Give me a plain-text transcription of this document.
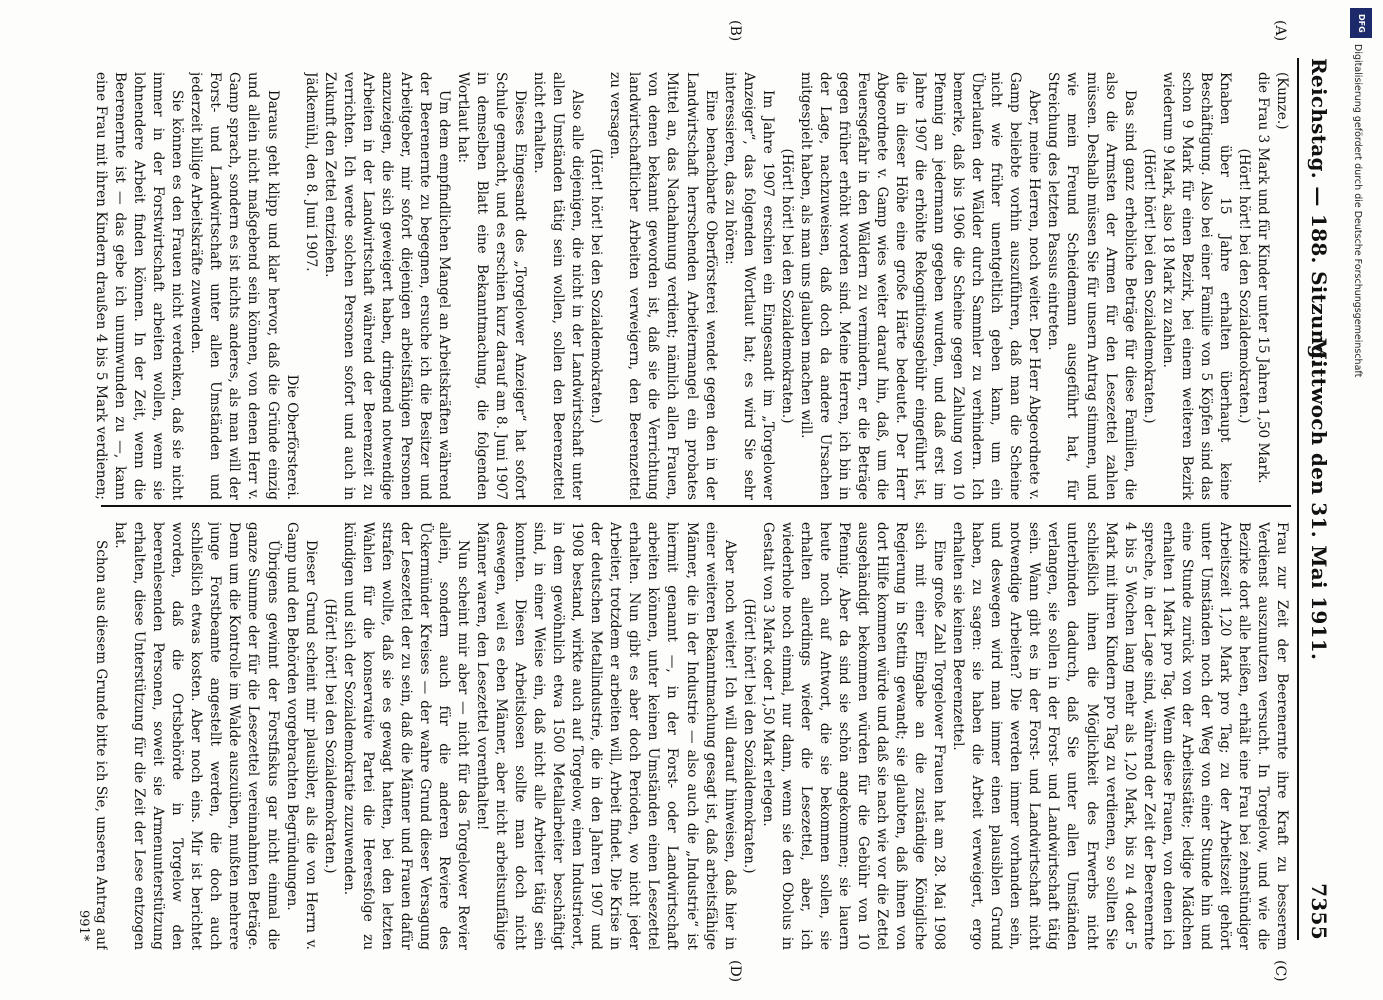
Reichstag. — 188. Sitzung.
Mittwoch den 31. Mai 1911.
7355
(A)
(B)
(C)
(D)

(Kunze.)

die Frau 3 Mark und für Kinder unter 15 Jahren 1,50 Mark.

(Hört! hört! bei den Sozialdemokraten.)

Knaben über 15 Jahre erhalten überhaupt keine Beschäftigung. Also bei einer Familie von 5 Köpfen sind das schon 9 Mark für einen Bezirk, bei einem weiteren Bezirk wiederum 9 Mark, also 18 Mark zu zahlen.

(Hört! hört! bei den Sozialdemokraten.)

Das sind ganz erhebliche Beträge für diese Familien, die also die Armsten der Armen für den Lesezettel zahlen müssen. Deshalb müssen Sie für unsern Antrag stimmen, und wie mein Freund Scheidemann ausgeführt hat, für Streichung des letzten Passus eintreten.

Aber, meine Herren, noch weiter. Der Herr Abgeordnete v. Gamp beliebte vorhin auszuführen, daß man die Scheine nicht wie früher unentgeltlich geben kann, um ein Überlaufen der Wälder durch Sammler zu verhindern. Ich bemerke, daß bis 1906 die Scheine gegen Zahlung von 10 Pfennig an jedermann gegeben wurden, und daß erst im Jahre 1907 die erhöhte Rekognitionsgebühr eingeführt ist, die in dieser Höhe eine große Härte bedeutet. Der Herr Abgeordnete v. Gamp wies weiter darauf hin, daß, um die Feuersgefahr in den Wäldern zu vermindern, er die Beträge gegen früher erhöht worden sind. Meine Herren, ich bin in der Lage, nachzuweisen, daß doch da andere Ursachen mitgespielt haben, als man uns glauben machen will.

(Hört! hört! bei den Sozialdemokraten.)

Im Jahre 1907 erschien ein Eingesandt im „Torgelower Anzeiger“, das folgenden Wortlaut hat; es wird Sie sehr interessieren, das zu hören:

Eine benachbarte Oberförsterei wendet gegen den in der Landwirtschaft herrschenden Arbeitermangel ein probates Mittel an, das Nachahmung verdient; nämlich allen Frauen, von denen bekannt geworden ist, daß sie die Verrichtung landwirtschaftlicher Arbeiten verweigern, den Beerenzettel zu versagen.

(Hört! hört! bei den Sozialdemokraten.)

Also alle diejenigen, die nicht in der Landwirtschaft unter allen Umständen tätig sein wollen, sollen den Beerenzettel nicht erhalten.

Dieses Eingesandt des „Torgelower Anzeiger“ hat sofort Schule gemacht, und es erschien kurz darauf am 8. Juni 1907 in demselben Blatt eine Bekanntmachung, die folgenden Wortlaut hat:

Um dem empfindlichen Mangel an Arbeitskräften während der Beerenernte zu begegnen, ersuche ich die Besitzer und Arbeitgeber, mir sofort diejenigen arbeitsfähigen Personen anzuzeigen, die sich geweigert haben, dringend notwendige Arbeiten in der Landwirtschaft während der Beerenzeit zu verrichten. Ich werde solchen Personen sofort und auch in Zukunft den Zettel entziehen.

Jädkemühl, den 8. Juni 1907.

Die Oberförsterei.

Daraus geht klipp und klar hervor, daß die Gründe einzig und allein nicht maßgebend sein können, von denen Herr v. Gamp sprach, sondern es ist nichts anderes, als man will der Forst- und Landwirtschaft unter allen Umständen und jederzeit billige Arbeitskräfte zuwenden.

Sie können es den Frauen nicht verdenken, daß sie nicht immer in der Forstwirtschaft arbeiten wollen, wenn sie lohnendere Arbeit finden können. In der Zeit, wenn die Beerenernte ist — das gebe ich unumwunden zu —, kann eine Frau mit ihren Kindern draußen 4 bis 5 Mark verdienen;

Frau zur Zeit der Beerenernte ihre Kraft zu besserem Verdienst auszunutzen versucht. In Torgelow, und wie die Bezirke dort alle heißen, erhält eine Frau bei zehnstündiger Arbeitszeit 1,20 Mark pro Tag; zu der Arbeitszeit gehört unter Umständen noch der Weg von einer Stunde hin und eine Stunde zurück von der Arbeitsstätte; ledige Mädchen erhalten 1 Mark pro Tag. Wenn diese Frauen, von denen ich spreche, in der Lage sind, während der Zeit der Beerenernte 4 bis 5 Wochen lang mehr als 1,20 Mark, bis zu 4 oder 5 Mark mit ihren Kindern pro Tag zu verdienen, so sollten Sie schließlich ihnen die Möglichkeit des Erwerbs nicht unterbinden dadurch, daß Sie unter allen Umständen verlangen, sie sollen in der Forst- und Landwirtschaft tätig sein. Wann gibt es in der Forst- und Landwirtschaft nicht notwendige Arbeiten? Die werden immer vorhanden sein, und deswegen wird man immer einen plausiblen Grund haben, zu sagen: sie haben die Arbeit verweigert, ergo erhalten sie keinen Beerenzettel.

Eine große Zahl Torgelower Frauen hat am 28. Mai 1908 sich mit einer Eingabe an die zuständige Königliche Regierung in Stettin gewandt; sie glaubten, daß ihnen von dort Hilfe kommen würde und daß sie nach wie vor die Zettel ausgehändigt bekommen würden für die Gebühr von 10 Pfennig. Aber da sind sie schön angekommen; sie lauern heute noch auf Antwort, die sie bekommen sollen, sie erhalten allerdings wieder die Lesezettel, aber, ich wiederhole noch einmal, nur dann, wenn sie den Obolus in Gestalt von 3 Mark oder 1,50 Mark erlegen.

(Hört! hört! bei den Sozialdemokraten.)

Aber noch weiter! Ich will darauf hinweisen, daß hier in einer weiteren Bekanntmachung gesagt ist, daß arbeitsfähige Männer, die in der Industrie — also auch die „Industrie“ ist hiermit genannt —, in der Forst- oder Landwirtschaft arbeiten können, unter keinen Umständen einen Lesezettel erhalten. Nun gibt es aber doch Perioden, wo nicht jeder Arbeiter, trotzdem er arbeiten will, Arbeit findet. Die Krise in der deutschen Metallindustrie, die in den Jahren 1907 und 1908 bestand, wirkte auch auf Torgelow, einen Industrieort, in dem gewöhnlich etwa 1500 Metallarbeiter beschäftigt sind, in einer Weise ein, daß nicht alle Arbeiter tätig sein konnten. Diesen Arbeitslosen sollte man doch nicht deswegen, weil es eben Männer, aber nicht arbeitsunfähige Männer waren, den Lesezettel vorenthalten!

Nun scheint mir aber — nicht für das Torgelower Revier allein, sondern auch für die anderen Reviere des Ückermünder Kreises — der wahre Grund dieser Versagung der Lesezettel der zu sein, daß die Männer und Frauen dafür strafen wollte, daß sie es gewagt hatten, bei den letzten Wahlen für die konservative Partei die Heeresfolge zu kündigen und sich der Sozialdemokratie zuzuwenden.

(Hört! hört! bei den Sozialdemokraten.)

Dieser Grund scheint mir plausibler, als die von Herrn v. Gamp und den Behörden vorgebrachten Begründungen.

Übrigens gewinnt der Forstfiskus gar nicht einmal die ganze Summe der für die Lesezettel vereinnahmten Beträge. Denn um die Kontrolle im Walde auszuüben, mußten mehrere junge Forstbeamte angestellt werden, die doch auch schließlich etwas kosten. Aber noch eins. Mir ist berichtet worden, daß die Ortsbehörde in Torgelow den beerenlesenden Personen, soweit sie Armenunterstützung erhalten, diese Unterstützung für die Zeit der Lese entzogen hat.

Schon aus diesem Grunde bitte ich Sie, unseren Antrag auf

991*
DFG
Digitalisierung gefördert durch die Deutsche Forschungsgemeinschaft
